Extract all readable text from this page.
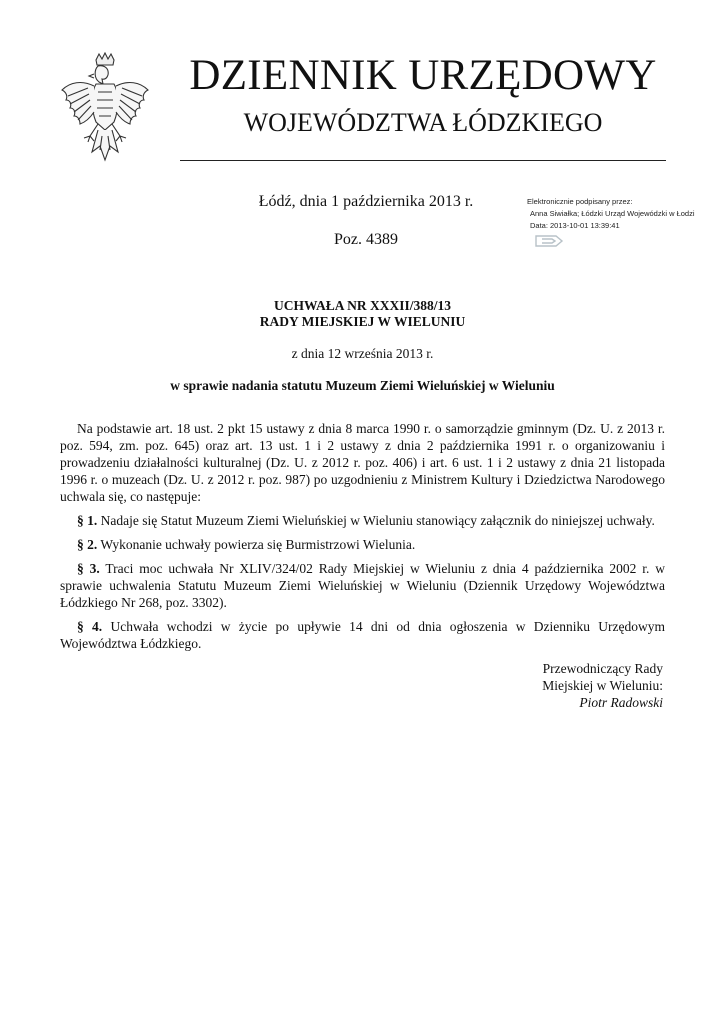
DZIENNIK URZĘDOWY
WOJEWÓDZTWA ŁÓDZKIEGO
Łódź, dnia 1 października 2013 r.
Poz. 4389
Elektronicznie podpisany przez:
Anna Siwiałka; Łódzki Urząd Wojewódzki w Łodzi
Data: 2013-10-01 13:39:41
UCHWAŁA NR XXXII/388/13
RADY MIEJSKIEJ W WIELUNIU
z dnia 12 września 2013 r.
w sprawie nadania statutu Muzeum Ziemi Wieluńskiej w Wieluniu

Na podstawie art. 18 ust. 2 pkt 15 ustawy z dnia 8 marca 1990 r. o samorządzie gminnym (Dz. U. z 2013 r. poz. 594, zm. poz. 645) oraz art. 13 ust. 1 i 2 ustawy z dnia 2 października 1991 r. o organizowaniu i prowadzeniu działalności kulturalnej (Dz. U. z 2012 r. poz. 406) i art. 6 ust. 1 i 2 ustawy z dnia 21 listopada 1996 r. o muzeach (Dz. U. z 2012 r. poz. 987) po uzgodnieniu z Ministrem Kultury i Dziedzictwa Narodowego uchwala się, co następuje:

§ 1. Nadaje się Statut Muzeum Ziemi Wieluńskiej w Wieluniu stanowiący załącznik do niniejszej uchwały.

§ 2. Wykonanie uchwały powierza się Burmistrzowi Wielunia.

§ 3. Traci moc uchwała Nr XLIV/324/02 Rady Miejskiej w Wieluniu z dnia 4 października 2002 r. w sprawie uchwalenia Statutu Muzeum Ziemi Wieluńskiej w Wieluniu (Dziennik Urzędowy Województwa Łódzkiego Nr 268, poz. 3302).

§ 4. Uchwała wchodzi w życie po upływie 14 dni od dnia ogłoszenia w Dzienniku Urzędowym Województwa Łódzkiego.

Przewodniczący Rady
Miejskiej w Wieluniu:
Piotr Radowski
